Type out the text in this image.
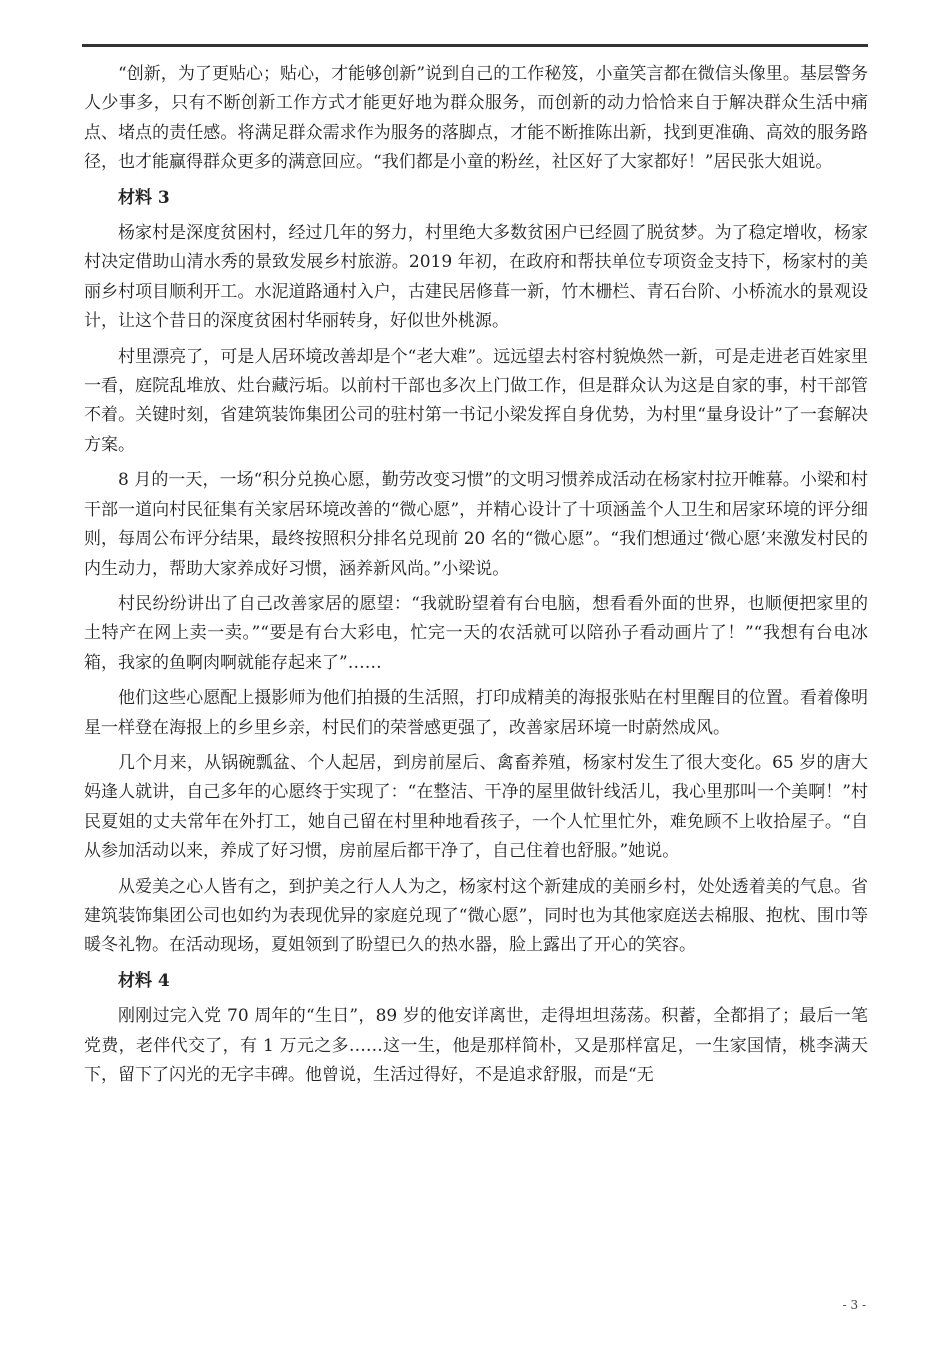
“创新，为了更贴心；贴心，才能够创新”说到自己的工作秘笈，小童笑言都在微信头像里。基层警务人少事多，只有不断创新工作方式才能更好地为群众服务，而创新的动力恰恰来自于解决群众生活中痛点、堵点的责任感。将满足群众需求作为服务的落脚点，才能不断推陈出新，找到更准确、高效的服务路径，也才能赢得群众更多的满意回应。“我们都是小童的粉丝，社区好了大家都好！”居民张大姐说。

材料 3

杨家村是深度贫困村，经过几年的努力，村里绝大多数贫困户已经圆了脱贫梦。为了稳定增收，杨家村决定借助山清水秀的景致发展乡村旅游。2019 年初，在政府和帮扶单位专项资金支持下，杨家村的美丽乡村项目顺利开工。水泥道路通村入户，古建民居修葺一新，竹木栅栏、青石台阶、小桥流水的景观设计，让这个昔日的深度贫困村华丽转身，好似世外桃源。

村里漂亮了，可是人居环境改善却是个“老大难”。远远望去村容村貌焕然一新，可是走进老百姓家里一看，庭院乱堆放、灶台藏污垢。以前村干部也多次上门做工作，但是群众认为这是自家的事，村干部管不着。关键时刻，省建筑装饰集团公司的驻村第一书记小梁发挥自身优势，为村里“量身设计”了一套解决方案。

8 月的一天，一场“积分兑换心愿，勤劳改变习惯”的文明习惯养成活动在杨家村拉开帷幕。小梁和村干部一道向村民征集有关家居环境改善的“微心愿”，并精心设计了十项涵盖个人卫生和居家环境的评分细则，每周公布评分结果，最终按照积分排名兑现前 20 名的“微心愿”。“我们想通过‘微心愿’来激发村民的内生动力，帮助大家养成好习惯，涵养新风尚。”小梁说。

村民纷纷讲出了自己改善家居的愿望：“我就盼望着有台电脑，想看看外面的世界，也顺便把家里的土特产在网上卖一卖。”“要是有台大彩电，忙完一天的农活就可以陪孙子看动画片了！”“我想有台电冰箱，我家的鱼啊肉啊就能存起来了”……

他们这些心愿配上摄影师为他们拍摄的生活照，打印成精美的海报张贴在村里醒目的位置。看着像明星一样登在海报上的乡里乡亲，村民们的荣誉感更强了，改善家居环境一时蔚然成风。

几个月来，从锅碗瓢盆、个人起居，到房前屋后、禽畜养殖，杨家村发生了很大变化。65 岁的唐大妈逢人就讲，自己多年的心愿终于实现了：“在整洁、干净的屋里做针线活儿，我心里那叫一个美啊！”村民夏姐的丈夫常年在外打工，她自己留在村里种地看孩子，一个人忙里忙外，难免顾不上收拾屋子。“自从参加活动以来，养成了好习惯，房前屋后都干净了，自己住着也舒服。”她说。

从爱美之心人皆有之，到护美之行人人为之，杨家村这个新建成的美丽乡村，处处透着美的气息。省建筑装饰集团公司也如约为表现优异的家庭兑现了“微心愿”，同时也为其他家庭送去棉服、抱枕、围巾等暖冬礼物。在活动现场，夏姐领到了盼望已久的热水器，脸上露出了开心的笑容。

材料 4

刚刚过完入党 70 周年的“生日”，89 岁的他安详离世，走得坦坦荡荡。积蓄，全都捐了；最后一笔党费，老伴代交了，有 1 万元之多……这一生，他是那样简朴，又是那样富足，一生家国情，桃李满天下，留下了闪光的无字丰碑。他曾说，生活过得好，不是追求舒服，而是“无

- 3 -
